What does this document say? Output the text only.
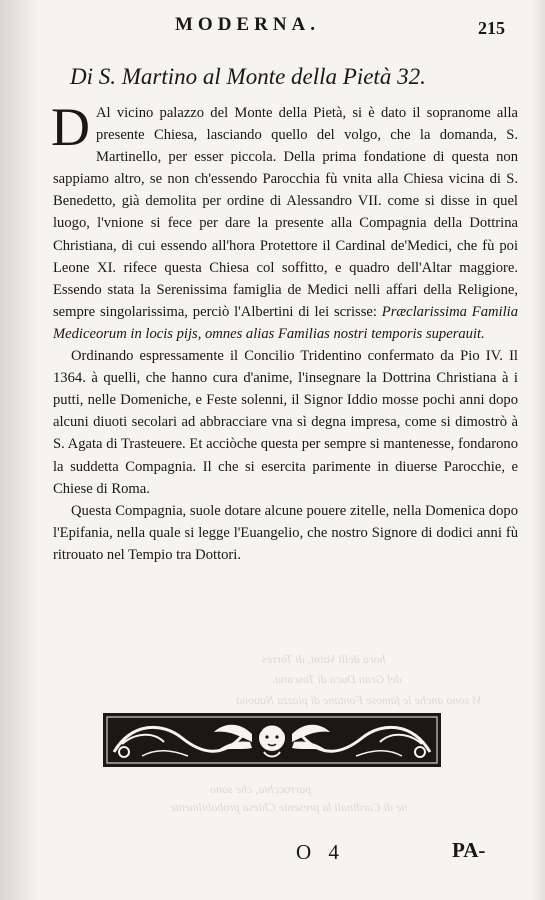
hora delli Vaini, di Torres
del Gran Duca di Toscana.
Vi sono anche le famose Fontane di piazza Nauona
parrocchia, che sono
ne di Cardinali la presente Chiesa probabilmente
MODERNA.	215
Di S. Martino al Monte della Pietà 32.

D Al vicino palazzo del Monte della Pietà, si è dato il sopranome alla presente Chiesa, lasciando quello del volgo, che la domanda, S. Martinello, per esser piccola. Della prima fondatione di questa non sappiamo altro, se non ch'essendo Parocchia fù vnita alla Chiesa vicina di S. Benedetto, già demolita per ordine di Alessandro VII. come si disse in quel luogo, l'vnione si fece per dare la presente alla Compagnia della Dottrina Christiana, di cui essendo all'hora Protettore il Cardinal de'Medici, che fù poi Leone XI. rifece questa Chiesa col soffitto, e quadro dell'Altar maggiore. Essendo stata la Serenissima famiglia de Medici nelli affari della Religione, sempre singolarissima, perciò l'Albertini di lei scrisse: Præclarissima Familia Mediceorum in locis pijs, omnes alias Familias nostri temporis superauit.

Ordinando espressamente il Concilio Tridentino confermato da Pio IV. Il 1364. à quelli, che hanno cura d'anime, l'insegnare la Dottrina Christiana à i putti, nelle Domeniche, e Feste solenni, il Signor Iddio mosse pochi anni dopo alcuni diuoti secolari ad abbracciare vna sì degna impresa, come si dimostrò à S. Agata di Trasteuere. Et acciòche questa per sempre si mantenesse, fondarono la suddetta Compagnia. Il che si esercita parimente in diuerse Parocchie, e Chiese di Roma.

Questa Compagnia, suole dotare alcune pouere zitelle, nella Domenica dopo l'Epifania, nella quale si legge l'Euangelio, che nostro Signore di dodici anni fù ritrouato nel Tempio tra Dottori.

O 4	PA-
